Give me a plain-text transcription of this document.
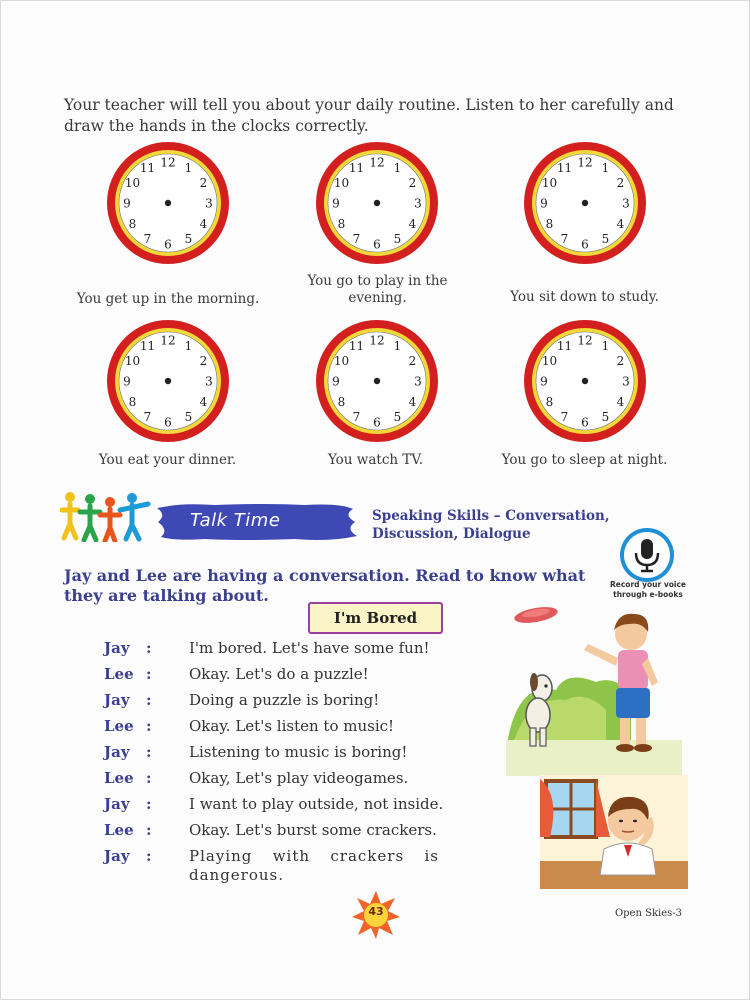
Your teacher will tell you about your daily routine. Listen to her carefully and draw the hands in the clocks correctly.

12 1
2
3
4
5
6
7
8
9
10
11	12 1
2
3
4
5
6
7
8
9
10
11	12 1
2
3
4
5
6
7
8
9
10
11
12 1
2
3
4
5
6
7
8
9
10
11	12 1
2
3
4
5
6
7
8
9
10
11	12 1
2
3
4
5
6
7
8
9
10
11
You get up in the morning.
You go to play in the
evening.	You sit down to study.
You eat your dinner.	You watch TV.	You go to sleep at night.
Talk Time	Speaking Skills – Conversation,
Discussion, Dialogue
Record your voice
through e-books

Jay and Lee are having a conversation. Read to know what they are talking about.

I'm Bored
Jay	: I'm bored. Let's have some fun!
Lee : Okay. Let's do a puzzle!
Jay	: Doing a puzzle is boring!
Lee : Okay. Let's listen to music!
Jay	: Listening to music is boring!
Lee : Okay, Let's play videogames.
Jay	: I want to play outside, not inside.
Lee : Okay. Let's burst some crackers.
Jay	: Playing with crackers is dangerous.
43	Open Skies-3
